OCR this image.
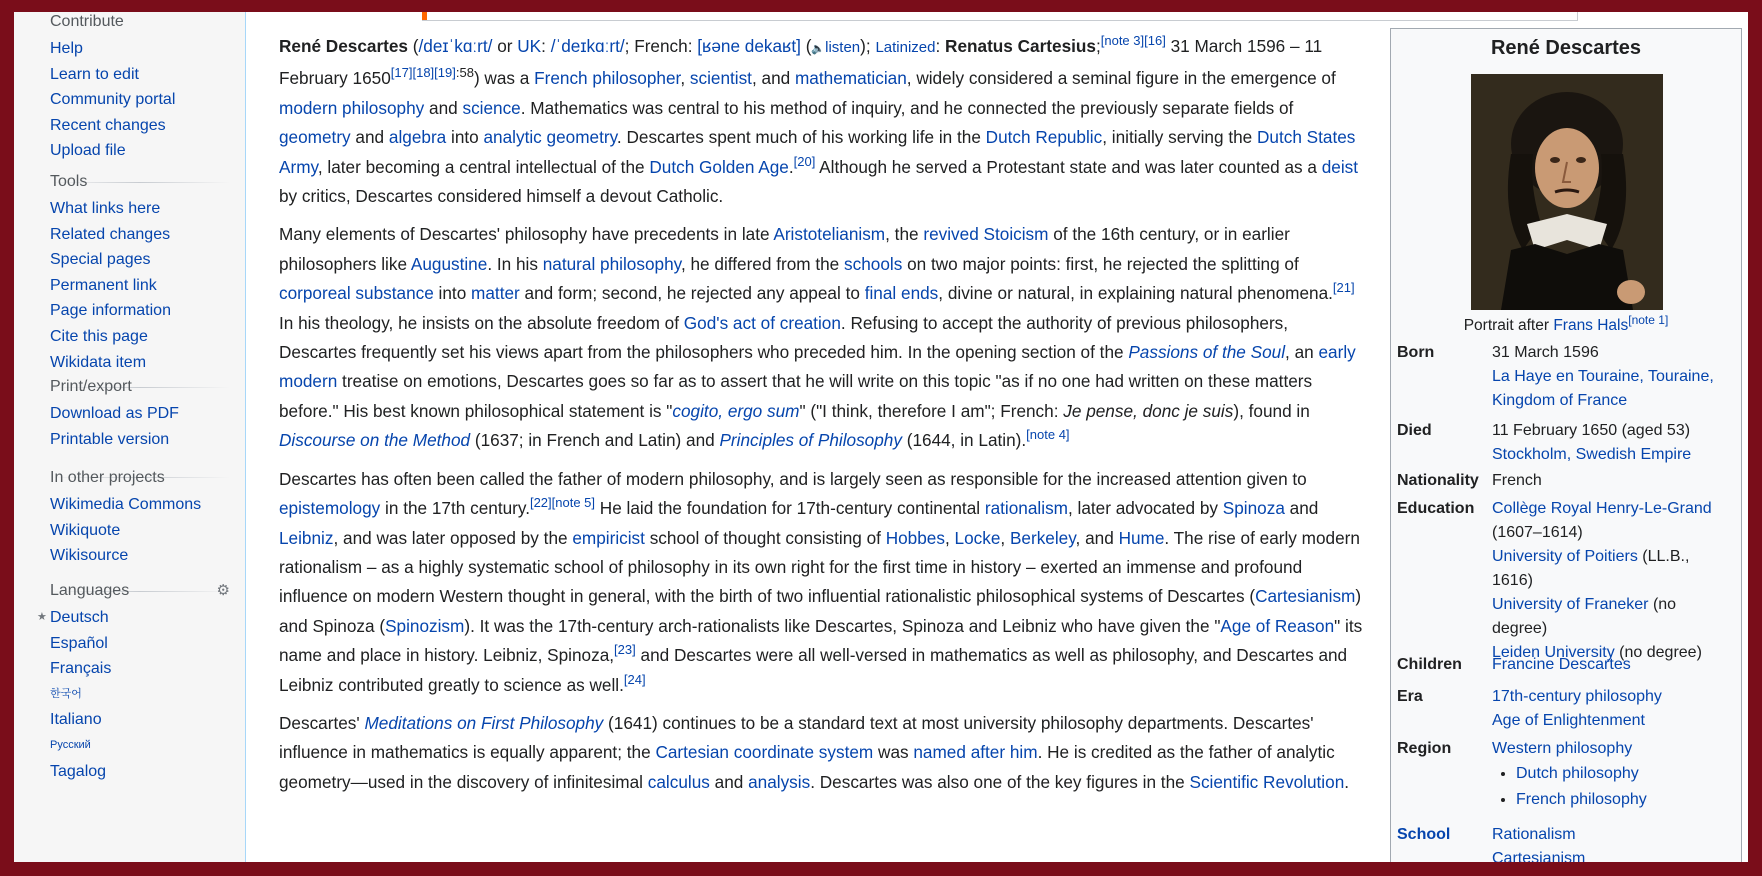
Contribute
Help
Learn to edit
Community portal
Recent changes
Upload file
Tools
What links here
Related changes
Special pages
Permanent link
Page information
Cite this page
Wikidata item
Print/export
Download as PDF
Printable version
In other projects
Wikimedia Commons
Wikiquote
Wikisource
Languages	⚙
★ Deutsch
Español
Français
한국어
Italiano
Русский
Tagalog

René Descartes (/deɪˈkɑːrt/ or UK: /ˈdeɪkɑːrt/; French: [ʁəne dekaʁt] (🔈listen); Latinized: Renatus Cartesius;[note 3][16] 31 March 1596 – 11 February 1650$^{[17][18][19]:58}$) was a French philosopher, scientist, and mathematician, widely considered a seminal figure in the emergence of modern philosophy and science. Mathematics was central to his method of inquiry, and he connected the previously separate fields of geometry and algebra into analytic geometry. Descartes spent much of his working life in the Dutch Republic, initially serving the Dutch States Army, later becoming a central intellectual of the Dutch Golden Age.[20] Although he served a Protestant state and was later counted as a deist by critics, Descartes considered himself a devout Catholic.

Many elements of Descartes' philosophy have precedents in late Aristotelianism, the revived Stoicism of the 16th century, or in earlier philosophers like Augustine. In his natural philosophy, he differed from the schools on two major points: first, he rejected the splitting of corporeal substance into matter and form; second, he rejected any appeal to final ends, divine or natural, in explaining natural phenomena.[21] In his theology, he insists on the absolute freedom of God's act of creation. Refusing to accept the authority of previous philosophers, Descartes frequently set his views apart from the philosophers who preceded him. In the opening section of the Passions of the Soul, an early modern treatise on emotions, Descartes goes so far as to assert that he will write on this topic "as if no one had written on these matters before." His best known philosophical statement is "cogito, ergo sum" ("I think, therefore I am"; French: Je pense, donc je suis), found in Discourse on the Method (1637; in French and Latin) and Principles of Philosophy (1644, in Latin).[note 4]

Descartes has often been called the father of modern philosophy, and is largely seen as responsible for the increased attention given to epistemology in the 17th century.[22][note 5] He laid the foundation for 17th-century continental rationalism, later advocated by Spinoza and Leibniz, and was later opposed by the empiricist school of thought consisting of Hobbes, Locke, Berkeley, and Hume. The rise of early modern rationalism – as a highly systematic school of philosophy in its own right for the first time in history – exerted an immense and profound influence on modern Western thought in general, with the birth of two influential rationalistic philosophical systems of Descartes (Cartesianism) and Spinoza (Spinozism). It was the 17th-century arch-rationalists like Descartes, Spinoza and Leibniz who have given the "Age of Reason" its name and place in history. Leibniz, Spinoza,[23] and Descartes were all well-versed in mathematics as well as philosophy, and Descartes and Leibniz contributed greatly to science as well.[24]

Descartes' Meditations on First Philosophy (1641) continues to be a standard text at most university philosophy departments. Descartes' influence in mathematics is equally apparent; the Cartesian coordinate system was named after him. He is credited as the father of analytic geometry—used in the discovery of infinitesimal calculus and analysis. Descartes was also one of the key figures in the Scientific Revolution.

René Descartes
Portrait after Frans Hals[note 1]
Born	31 March 1596
La Haye en Touraine, Touraine, Kingdom of France
Died	11 February 1650 (aged 53)
Stockholm, Swedish Empire
Nationality French
Education	Collège Royal Henry-Le-Grand
(1607–1614)
University of Poitiers (LL.B., 1616)
University of Franeker (no degree)
Leiden University (no degree)
Children	Francine Descartes
Era	17th-century philosophy
Age of Enlightenment
Region	Western philosophy
• Dutch philosophy
• French philosophy
School	Rationalism
Cartesianism
